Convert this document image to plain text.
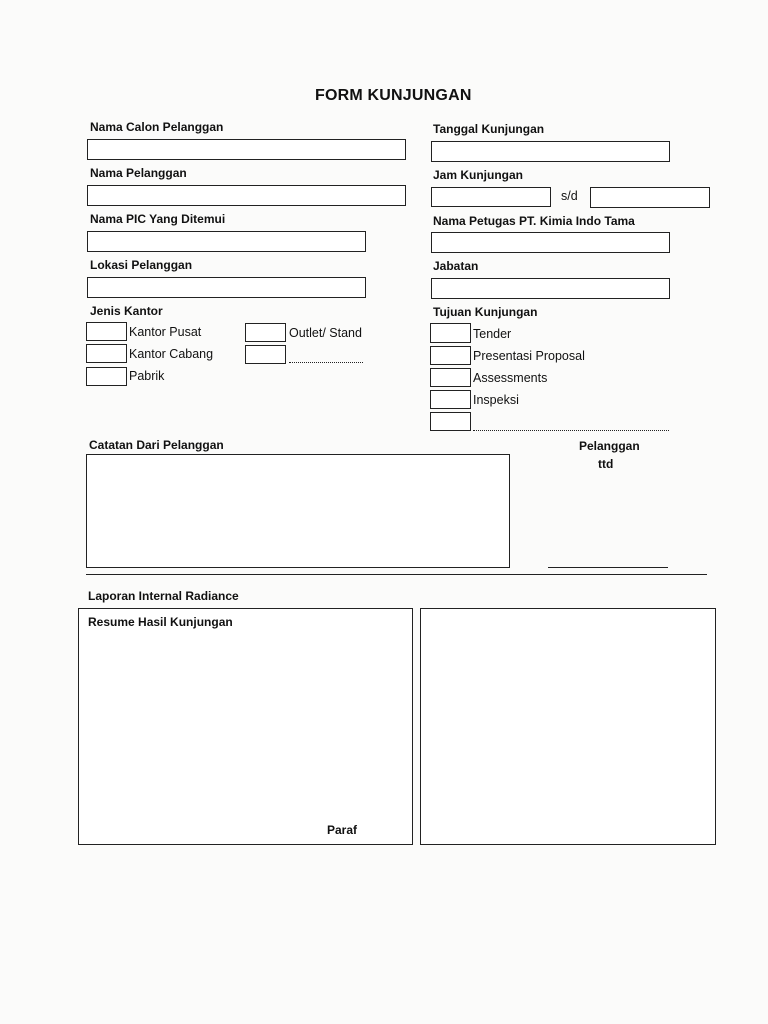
FORM KUNJUNGAN
Nama Calon Pelanggan
Nama Pelanggan
Nama PIC Yang Ditemui
Lokasi Pelanggan
Tanggal Kunjungan
Jam Kunjungan
s/d
Nama Petugas PT. Kimia Indo Tama
Jabatan
Jenis Kantor
Kantor Pusat
Kantor Cabang
Pabrik
Outlet/ Stand
Tujuan Kunjungan
Tender
Presentasi Proposal
Assessments
Inspeksi
Catatan Dari Pelanggan	Pelanggan
ttd
Laporan Internal Radiance
Resume Hasil Kunjungan
Paraf
